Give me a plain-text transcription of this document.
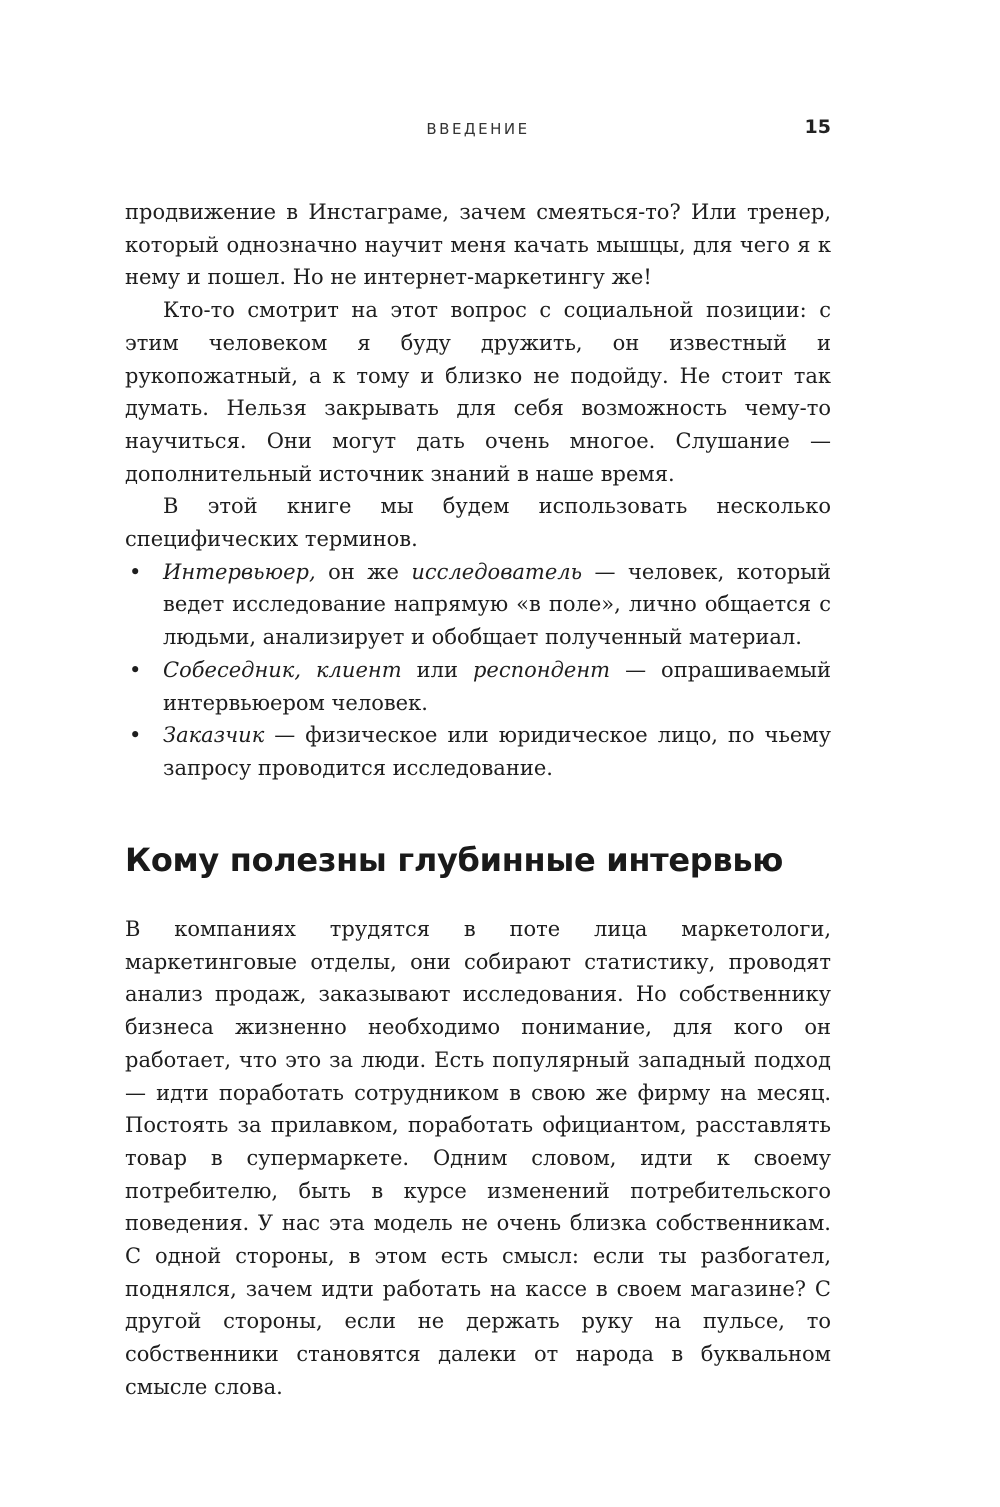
ВВЕДЕНИЕ	15

продвижение в Инстаграме, зачем смеяться-то? Или тренер, который однозначно научит меня качать мышцы, для чего я к нему и пошел. Но не интернет-маркетингу же!

Кто-то смотрит на этот вопрос с социальной позиции: с этим человеком я буду дружить, он известный и рукопожатный, а к тому и близко не подойду. Не стоит так думать. Нельзя закрывать для себя возможность чему-то научиться. Они могут дать очень многое. Слушание — дополнительный источник знаний в наше время.

В этой книге мы будем использовать несколько специфических терминов.

• Интервьюер, он же исследователь — человек, который ведет исследование напрямую «в поле», лично общается с людьми, анализирует и обобщает полученный материал.
• Собеседник, клиент или респондент — опрашиваемый интервьюером человек.
• Заказчик — физическое или юридическое лицо, по чьему запросу проводится исследование.
Кому полезны глубинные интервью

В компаниях трудятся в поте лица маркетологи, маркетинговые отделы, они собирают статистику, проводят анализ продаж, заказывают исследования. Но собственнику бизнеса жизненно необходимо понимание, для кого он работает, что это за люди. Есть популярный западный подход — идти поработать сотрудником в свою же фирму на месяц. Постоять за прилавком, поработать официантом, расставлять товар в супермаркете. Одним словом, идти к своему потребителю, быть в курсе изменений потребительского поведения. У нас эта модель не очень близка собственникам. С одной стороны, в этом есть смысл: если ты разбогател, поднялся, зачем идти работать на кассе в своем магазине? С другой стороны, если не держать руку на пульсе, то собственники становятся далеки от народа в буквальном смысле слова.
